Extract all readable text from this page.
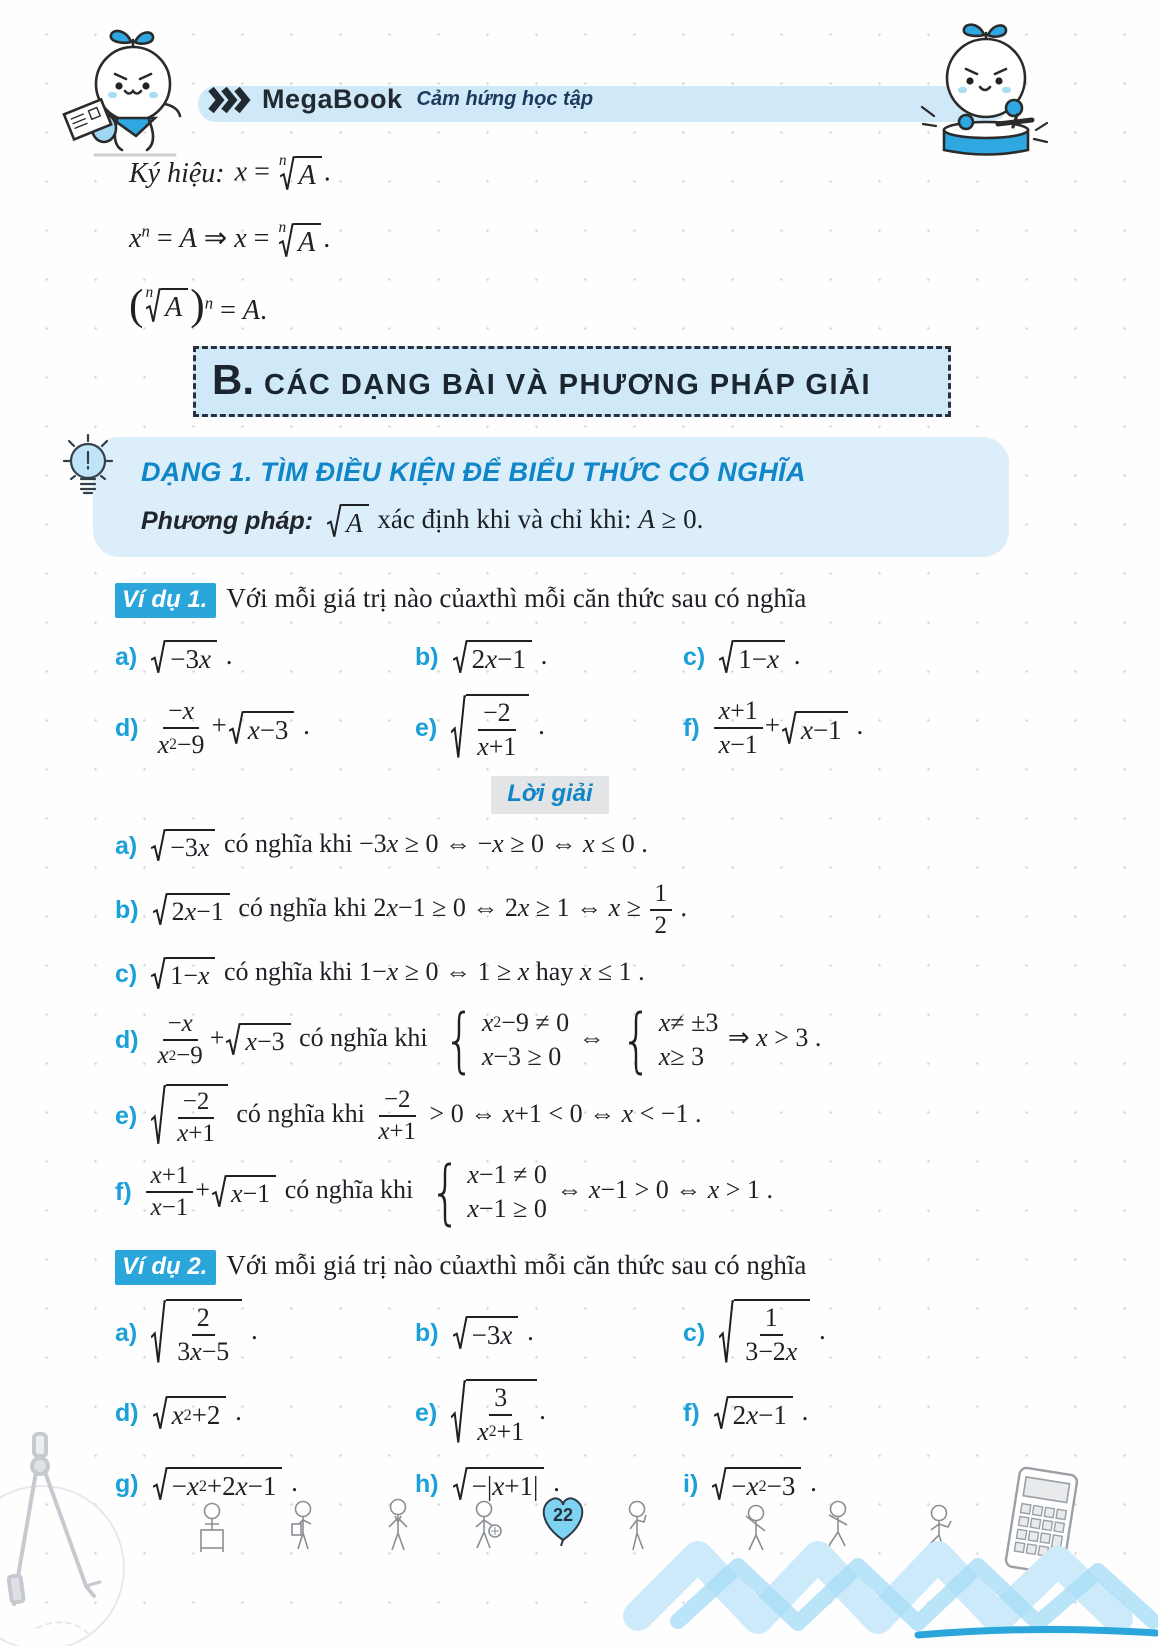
MegaBook Cảm hứng học tập
Ký hiệu: x = n A .
$x^n = A$ ⇒ x = n A .
( n A ) $^n$ = A.
B. CÁC DẠNG BÀI VÀ PHƯƠNG PHÁP GIẢI
DẠNG 1. TÌM ĐIỀU KIỆN ĐỂ BIỂU THỨC CÓ NGHĨA
Phương pháp: A xác định khi và chỉ khi: A ≥ 0.
Ví dụ 1. Với mỗi giá trị nào của x thì mỗi căn thức sau có nghĩa
a) −3 x .	b) 2 x −1 .	c) 1− x .
$d) \frac{- x}{x 2 -9} + x -3$ .	$e) \frac{-2}{x +1}$ .	$f) \frac{x +1}{x -1} + x -1$ .
Lời giải
a) −3 x có nghĩa khi −3x ≥ 0 ⇔ −x ≥ 0 ⇔ x ≤ 0 .
b) 2 x −1 có nghĩa khi 2x−1 ≥ 0 ⇔ 2x ≥ 1 ⇔ $x \ge \frac{1}{2}$ .
c) 1− x có nghĩa khi 1−x ≥ 0 ⇔ 1 ≥ x hay x ≤ 1 .
$d) \frac{- x}{x 2 -9} + x -3$ có nghĩa khi { x 2 −9 ≠ 0
x −3 ≥ 0
⇔ { x ≠ ±3
x ≥ 3
⇒ x > 3 .
$e) \frac{-2}{x +1}$ có nghĩa khi $\frac{-2}{x +1} > 0$ ⇔ x+1 < 0 ⇔ x < −1 .
$f) \frac{x +1}{x -1} + x -1$ có nghĩa khi { x −1 ≠ 0
x −1 ≥ 0
⇔ x−1 > 0 ⇔ x > 1 .
Ví dụ 2. Với mỗi giá trị nào của x thì mỗi căn thức sau có nghĩa
$a) \frac{2}{3 x -5}$ .	b) −3 x .	$c) \frac{1}{3-2 x}$ .
d) x 2 +2 .	$e) \frac{3}{x 2 +1}$ .	f) 2 x −1 .
g) − x 2 +2 x −1 .	h) −| x +1| .	i) − x 2 −3 .
22
